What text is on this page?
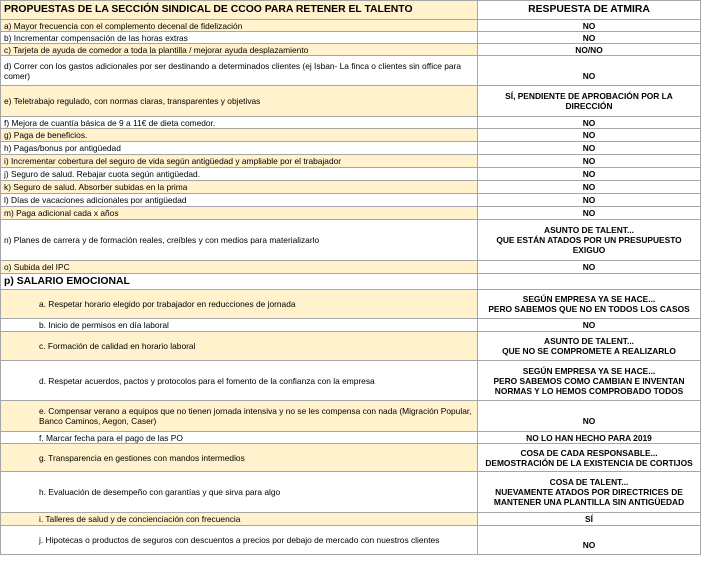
PROPUESTAS DE LA SECCIÓN SINDICAL DE CCOO PARA RETENER EL TALENTO	RESPUESTA DE ATMIRA
a) Mayor frecuencia con el complemento decenal de fidelización	NO

b) Incrementar compensación de las horas extras	NO

c) Tarjeta de ayuda de comedor a toda la plantilla / mejorar ayuda desplazamiento	NO/NO

d) Correr con los gastos adicionales por ser destinando a determinados clientes (ej Isban- La finca o clientes sin office para comer)	NO

e) Teletrabajo regulado, con normas claras, transparentes y objetivas	SÍ, PENDIENTE DE APROBACIÓN POR LA
DIRECCIÓN

f) Mejora de cuantía básica de 9 a 11€ de dieta comedor.	NO

g) Paga de beneficios.	NO

h) Pagas/bonus por antigüedad	NO

i) Incrementar cobertura del seguro de vida según antigüedad y ampliable por el trabajador	NO

j) Seguro de salud. Rebajar cuota según antigüedad.	NO

k) Seguro de salud. Absorber subidas en la prima	NO

l) Días de vacaciones adicionales por antigüedad	NO

m) Paga adicional cada x años	NO

n) Planes de carrera y de formación reales, creíbles y con medios para materializarlo	ASUNTO DE TALENT...
QUE ESTÁN ATADOS POR UN PRESUPUESTO
EXIGUO

o) Subida del IPC	NO

p) SALARIO EMOCIONAL	

a. Respetar horario elegido por trabajador en reducciones de jornada	SEGÚN EMPRESA YA SE HACE...
PERO SABEMOS QUE NO EN TODOS LOS CASOS

b. Inicio de permisos en día laboral	NO

c. Formación de calidad en horario laboral	ASUNTO DE TALENT...
QUE NO SE COMPROMETE A REALIZARLO

d. Respetar acuerdos, pactos y protocolos para el fomento de la confianza con la empresa	SEGÚN EMPRESA YA SE HACE...
PERO SABEMOS COMO CAMBIAN E INVENTAN
NORMAS Y LO HEMOS COMPROBADO TODOS

e. Compensar verano a equipos que no tienen jornada intensiva y no se les compensa con nada (Migración Popular, Banco Caminos, Aegon, Caser)	NO

f. Marcar fecha para el pago de las PO	NO LO HAN HECHO PARA 2019

g. Transparencia en gestiones con mandos intermedios	COSA DE CADA RESPONSABLE...
DEMOSTRACIÓN DE LA EXISTENCIA DE CORTIJOS

h. Evaluación de desempeño con garantías y que sirva para algo	COSA DE TALENT...
NUEVAMENTE ATADOS POR DIRECTRICES DE
MANTENER UNA PLANTILLA SIN ANTIGÜEDAD

i. Talleres de salud y de concienciación con frecuencia	SÍ

j. Hipotecas o productos de seguros con descuentos a precios por debajo de mercado con nuestros clientes	NO
